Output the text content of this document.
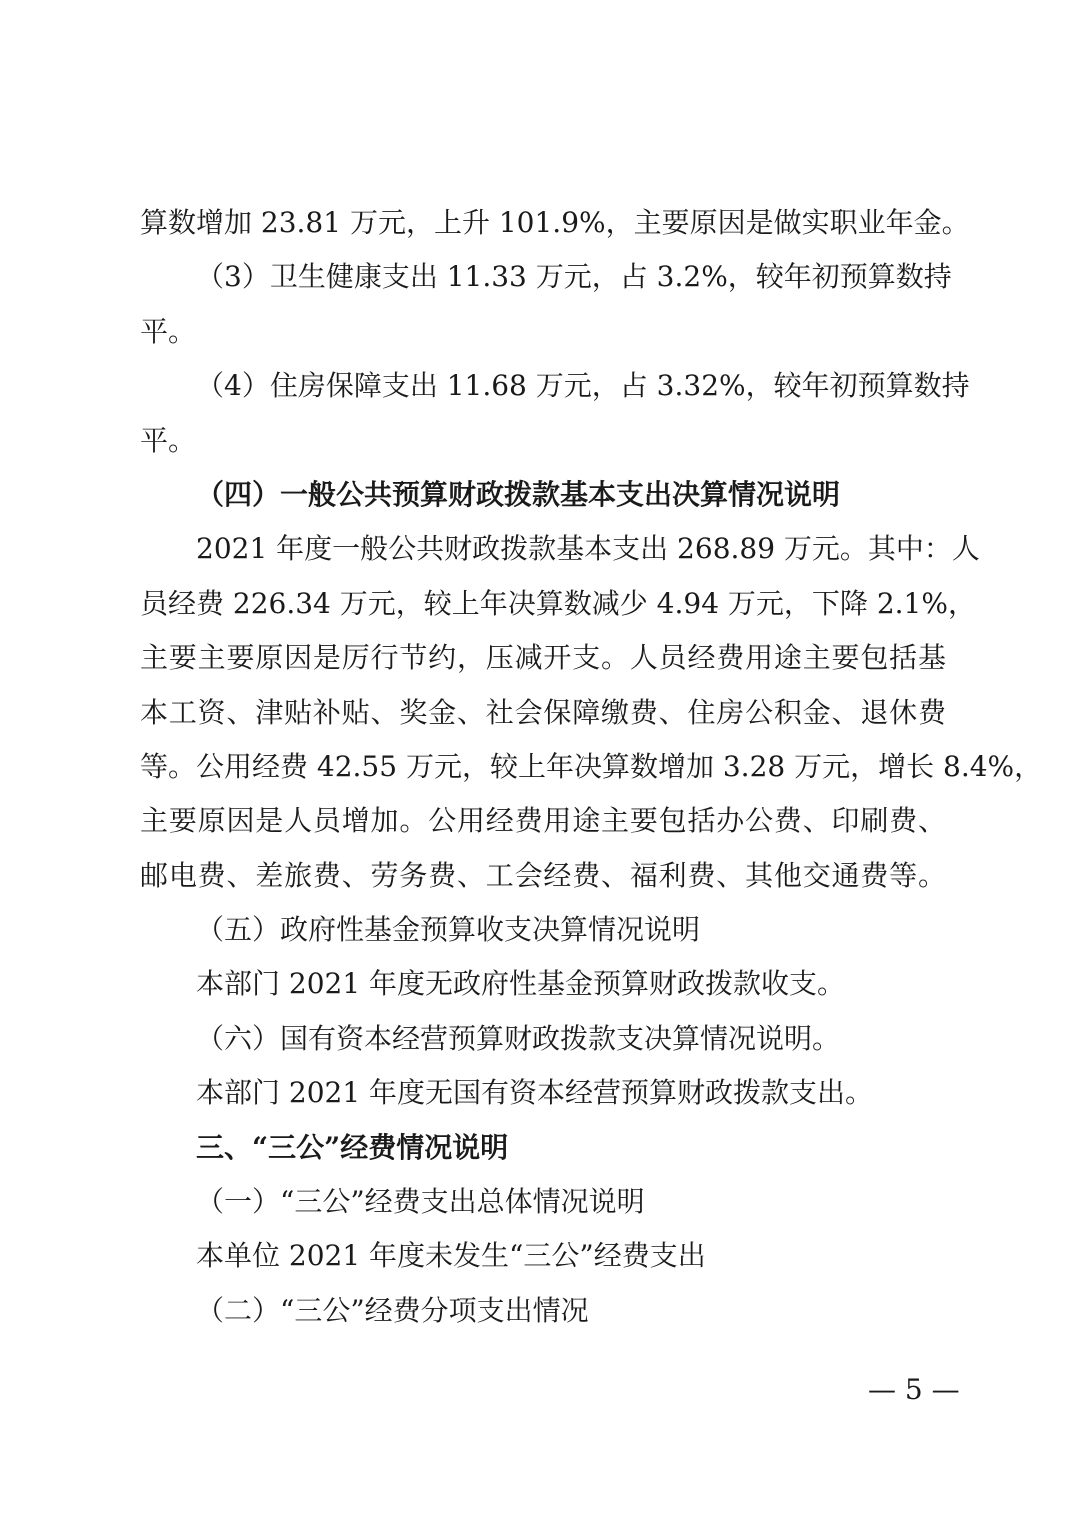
算数增加 23.81 万元，上升 101.9%，主要原因是做实职业年金。
（3）卫生健康支出 11.33 万元，占 3.2%，较年初预算数持
平。
（4）住房保障支出 11.68 万元，占 3.32%，较年初预算数持
平。
（四）一般公共预算财政拨款基本支出决算情况说明
2021 年度一般公共财政拨款基本支出 268.89 万元。其中：人
员经费 226.34 万元，较上年决算数减少 4.94 万元，下降 2.1%，
主要主要原因是厉行节约，压减开支。人员经费用途主要包括基
本工资、津贴补贴、奖金、社会保障缴费、住房公积金、退休费
等。公用经费 42.55 万元，较上年决算数增加 3.28 万元，增长 8.4%，
主要原因是人员增加。公用经费用途主要包括办公费、印刷费、
邮电费、差旅费、劳务费、工会经费、福利费、其他交通费等。
（五）政府性基金预算收支决算情况说明
本部门 2021 年度无政府性基金预算财政拨款收支。
（六）国有资本经营预算财政拨款支决算情况说明。
本部门 2021 年度无国有资本经营预算财政拨款支出。
三、“三公”经费情况说明
（一）“三公”经费支出总体情况说明
本单位 2021 年度未发生“三公”经费支出
（二）“三公”经费分项支出情况
— 5 —
